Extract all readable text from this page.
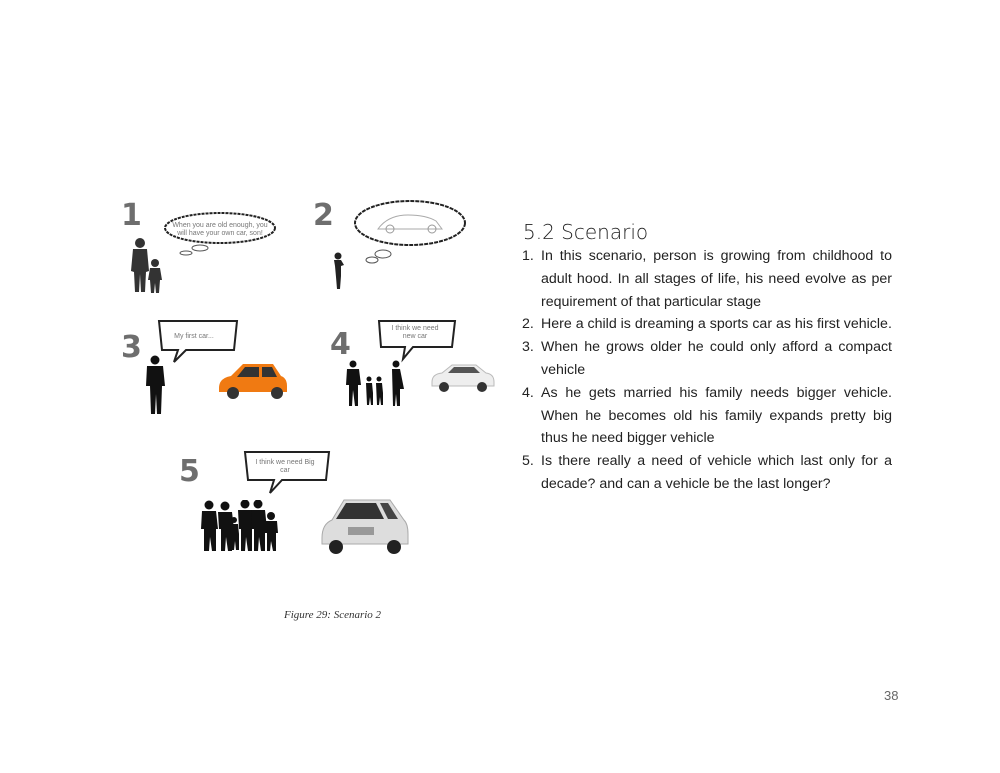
1	When you are old enough, you will have your own car, son!
2
3	My first car...	4	I think we need new car
5	I think we need Big car
Figure 29: Scenario 2
5.2 Scenario
1. In this scenario, person is growing from childhood to adult hood. In all stages of life, his need evolve as per requirement of that particular stage
2. Here a child is dreaming a sports car as his first vehicle.
3. When he grows older he could only afford a compact vehicle
4. As he gets married his family needs bigger vehicle. When he becomes old his family expands pretty big thus he need bigger vehicle
5. Is there really a need of vehicle which last only for a decade? and can a vehicle be the last longer?
38
